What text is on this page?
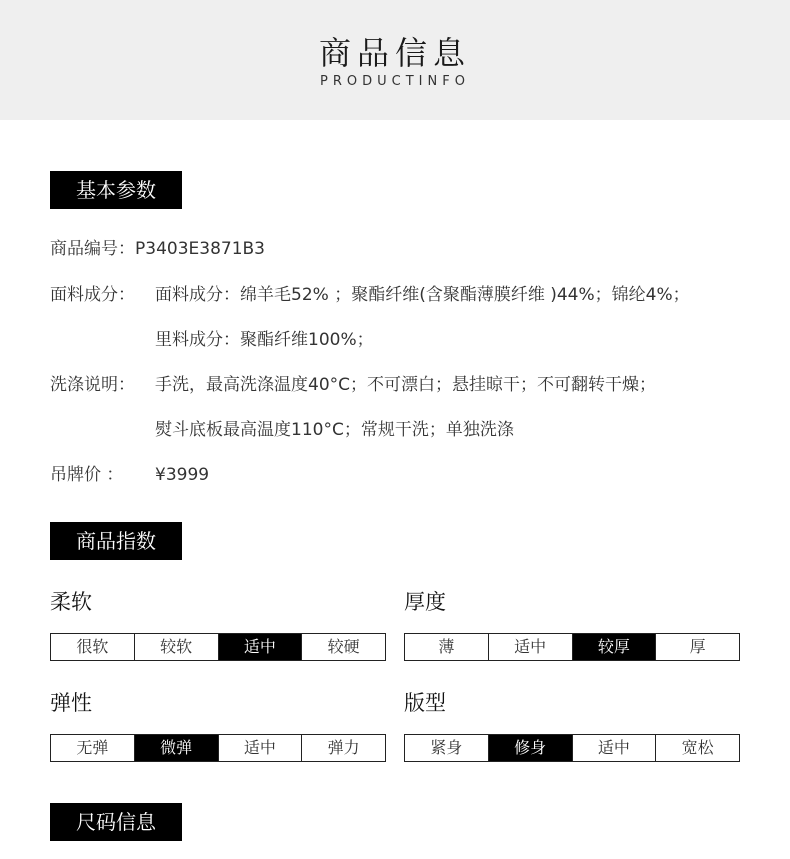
商品信息
PRODUCTINFO
基本参数
商品编号：P3403E3871B3
面料成分： 面料成分：绵羊毛52% ；聚酯纤维(含聚酯薄膜纤维 )44%；锦纶4%；
里料成分：聚酯纤维100%；
洗涤说明： 手洗，最高洗涤温度40°C；不可漂白；悬挂晾干；不可翻转干燥；
熨斗底板最高温度110°C；常规干洗；单独洗涤
吊牌价 ： ¥3999
商品指数
柔软
很软	较软	适中	较硬
厚度
薄	适中	较厚	厚
弹性
无弹	微弹	适中	弹力
版型
紧身	修身	适中	宽松
尺码信息
